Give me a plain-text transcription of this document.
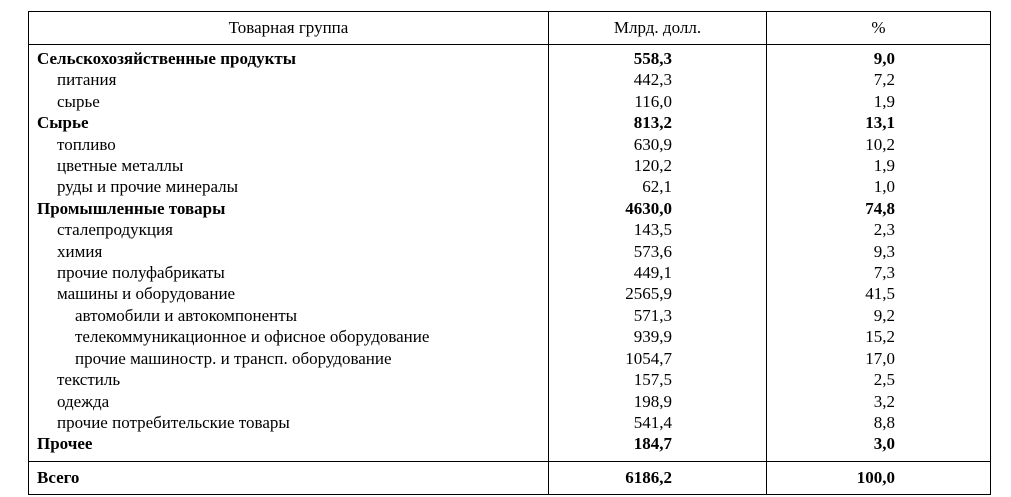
Товарная группа	Млрд. долл.	%
Сельскохозяйственные продукты	558,3	9,0
питания	442,3	7,2
сырье	116,0	1,9
Сырье	813,2	13,1
топливо	630,9	10,2
цветные металлы	120,2	1,9
руды и прочие минералы	62,1	1,0
Промышленные товары	4630,0	74,8
сталепродукция	143,5	2,3
химия	573,6	9,3
прочие полуфабрикаты	449,1	7,3
машины и оборудование	2565,9	41,5
автомобили и автокомпоненты	571,3	9,2
телекоммуникационное и офисное оборудование	939,9	15,2
прочие машиностр. и трансп. оборудование	1054,7	17,0
текстиль	157,5	2,5
одежда	198,9	3,2
прочие потребительские товары	541,4	8,8
Прочее	184,7	3,0
Всего	6186,2	100,0
